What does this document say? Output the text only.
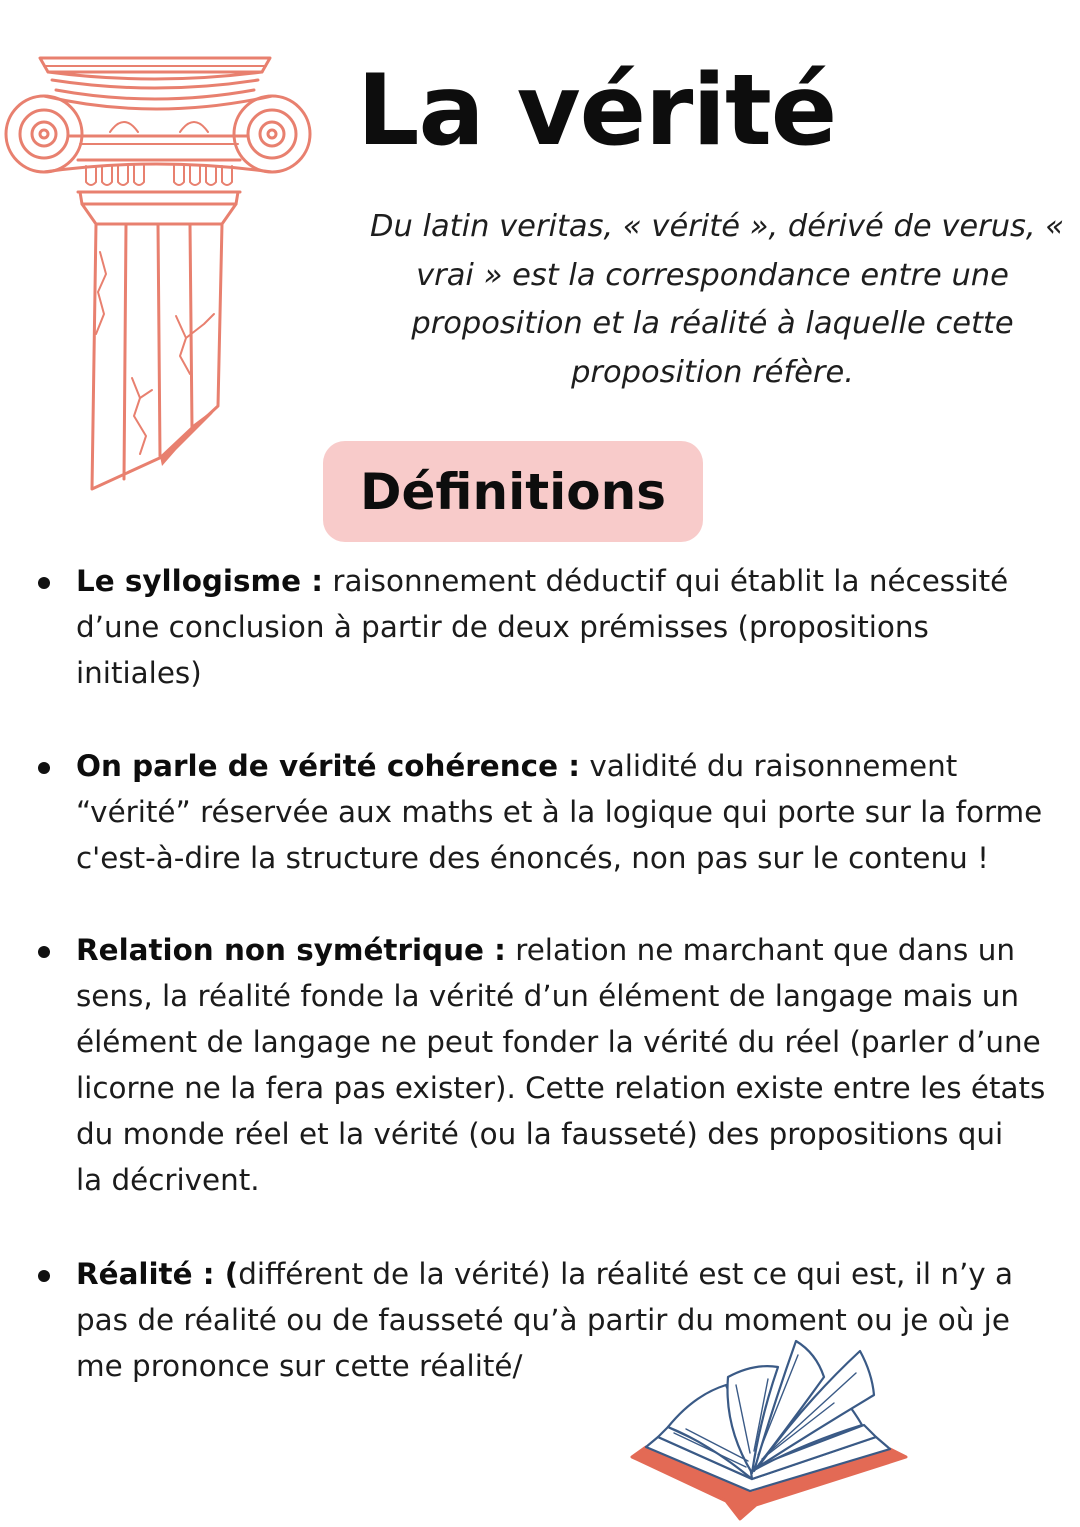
La vérité

Du latin veritas, « vérité », dérivé de verus, «
vrai » est la correspondance entre une
proposition et la réalité à laquelle cette
proposition réfère.

Définitions

Le syllogisme : raisonnement déductif qui établit la nécessité

d’une conclusion à partir de deux prémisses (propositions

initiales)

On parle de vérité cohérence : validité du raisonnement

“vérité” réservée aux maths et à la logique qui porte sur la forme

c'est-à-dire la structure des énoncés, non pas sur le contenu !

Relation non symétrique : relation ne marchant que dans un

sens, la réalité fonde la vérité d’un élément de langage mais un

élément de langage ne peut fonder la vérité du réel (parler d’une

licorne ne la fera pas exister). Cette relation existe entre les états

du monde réel et la vérité (ou la fausseté) des propositions qui

la décrivent.

Réalité : (différent de la vérité) la réalité est ce qui est, il n’y a

pas de réalité ou de fausseté qu’à partir du moment ou je où je

me prononce sur cette réalité/
